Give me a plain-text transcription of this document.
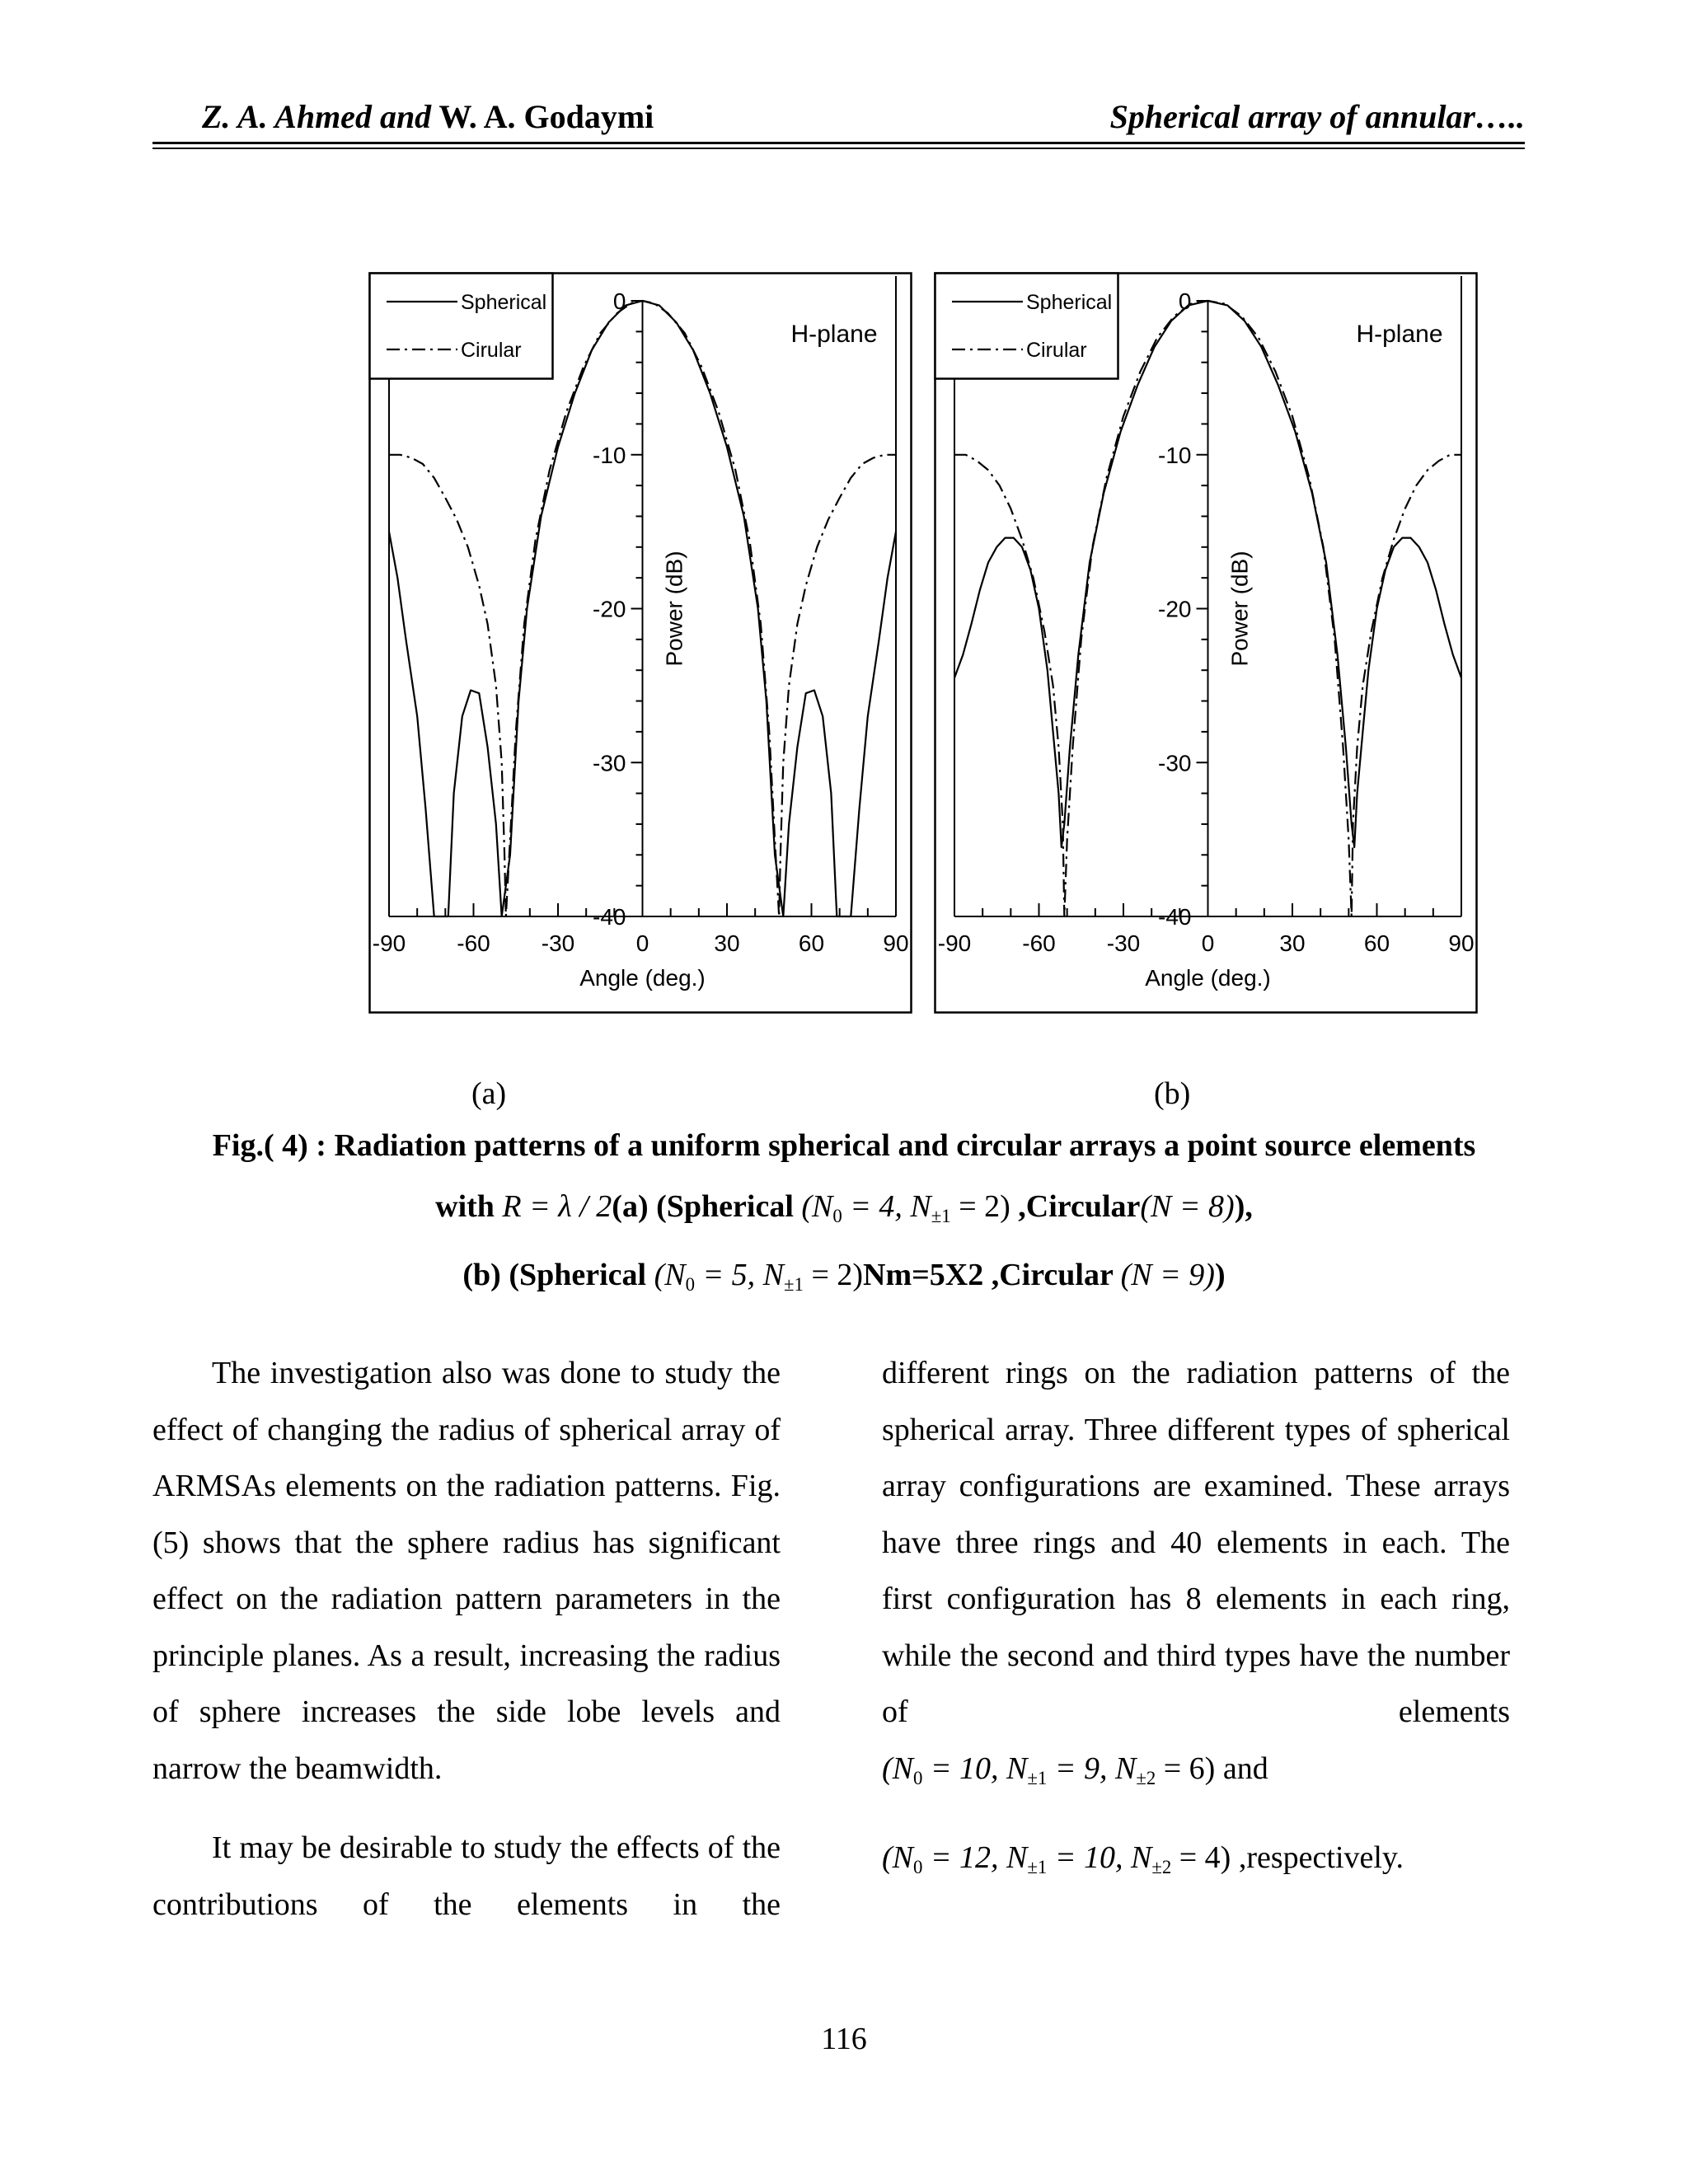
Z. A. Ahmed and W. A. Godaymi	Spherical array of annular…..
-90 -60 -30	0	30	60	90
0
-10
-20
-30
-40
Angle (deg.)
Power (dB)
H-plane
Spherical
Cirular
-90 -60 -30	0	30	60	90
0
-10
-20
-30
-40
Angle (deg.)
Power (dB)
H-plane
Spherical
Cirular
(a)	(b)
Fig.( 4) : Radiation patterns of a uniform spherical and circular arrays a point source elements
with R = λ / 2(a) (Spherical ($N_0 = 4$, $N_{\pm 1} = 2$) ,Circular(N = 8)),
(b) (Spherical ($N_0 = 5$, $N_{\pm 1} = 2)Nm=5X2$ ,Circular (N = 9))

The investigation also was done to study the effect of changing the radius of spherical array of ARMSAs elements on the radiation patterns. Fig.(5) shows that the sphere radius has significant effect on the radiation pattern parameters in the principle planes. As a result, increasing the radius of sphere increases the side lobe levels and narrow the beamwidth.

It may be desirable to study the effects of the contributions of the elements in the

different rings on the radiation patterns of the spherical array. Three different types of spherical array configurations are examined. These arrays have three rings and 40 elements in each. The first configuration has 8 elements in each ring, while the second and third types have the number of elements

($N_0 = 10$, $N_{\pm 1} = 9$, $N_{\pm 2} = 6$) and

($N_0 = 12$, $N_{\pm 1} = 10$, $N_{\pm 2} = 4$) ,respectively.

116
